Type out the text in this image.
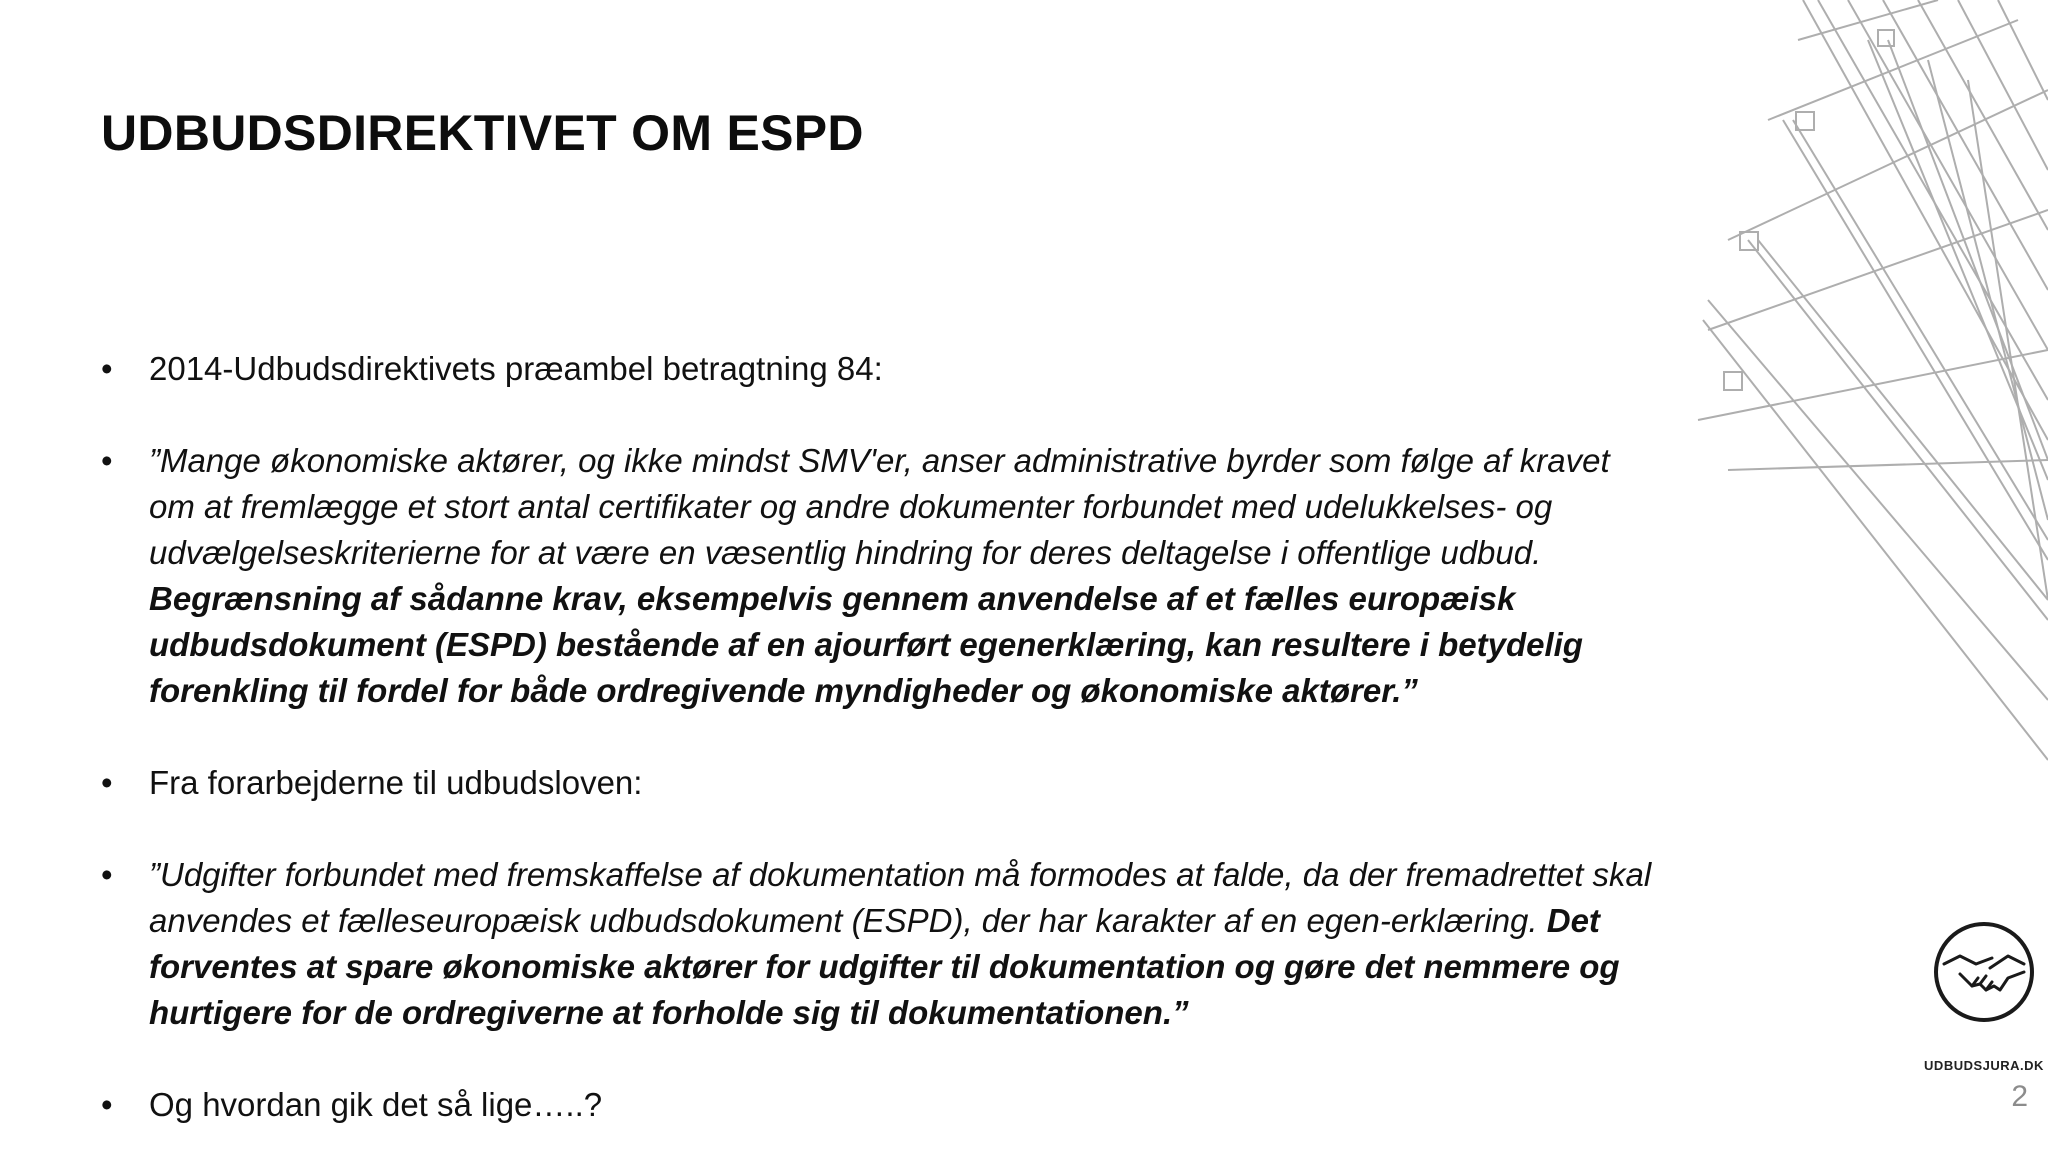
UDBUDSDIREKTIVET OM ESPD
• 2014-Udbudsdirektivets præambel betragtning 84:
• ”Mange økonomiske aktører, og ikke mindst SMV'er, anser administrative byrder som følge af kravet om at fremlægge et stort antal certifikater og andre dokumenter forbundet med udelukkelses- og udvælgelseskriterierne for at være en væsentlig hindring for deres deltagelse i offentlige udbud. Begrænsning af sådanne krav, eksempelvis gennem anvendelse af et fælles europæisk udbudsdokument (ESPD) bestående af en ajourført egenerklæring, kan resultere i betydelig forenkling til fordel for både ordregivende myndigheder og økonomiske aktører.”
• Fra forarbejderne til udbudsloven:
• ”Udgifter forbundet med fremskaffelse af dokumentation må formodes at falde, da der fremadrettet skal anvendes et fælleseuropæisk udbudsdokument (ESPD), der har karakter af en egen-erklæring. Det forventes at spare økonomiske aktører for udgifter til dokumentation og gøre det nemmere og hurtigere for de ordregiverne at forholde sig til dokumentationen.”
• Og hvordan gik det så lige…..?
UDBUDSJURA.DK
2
